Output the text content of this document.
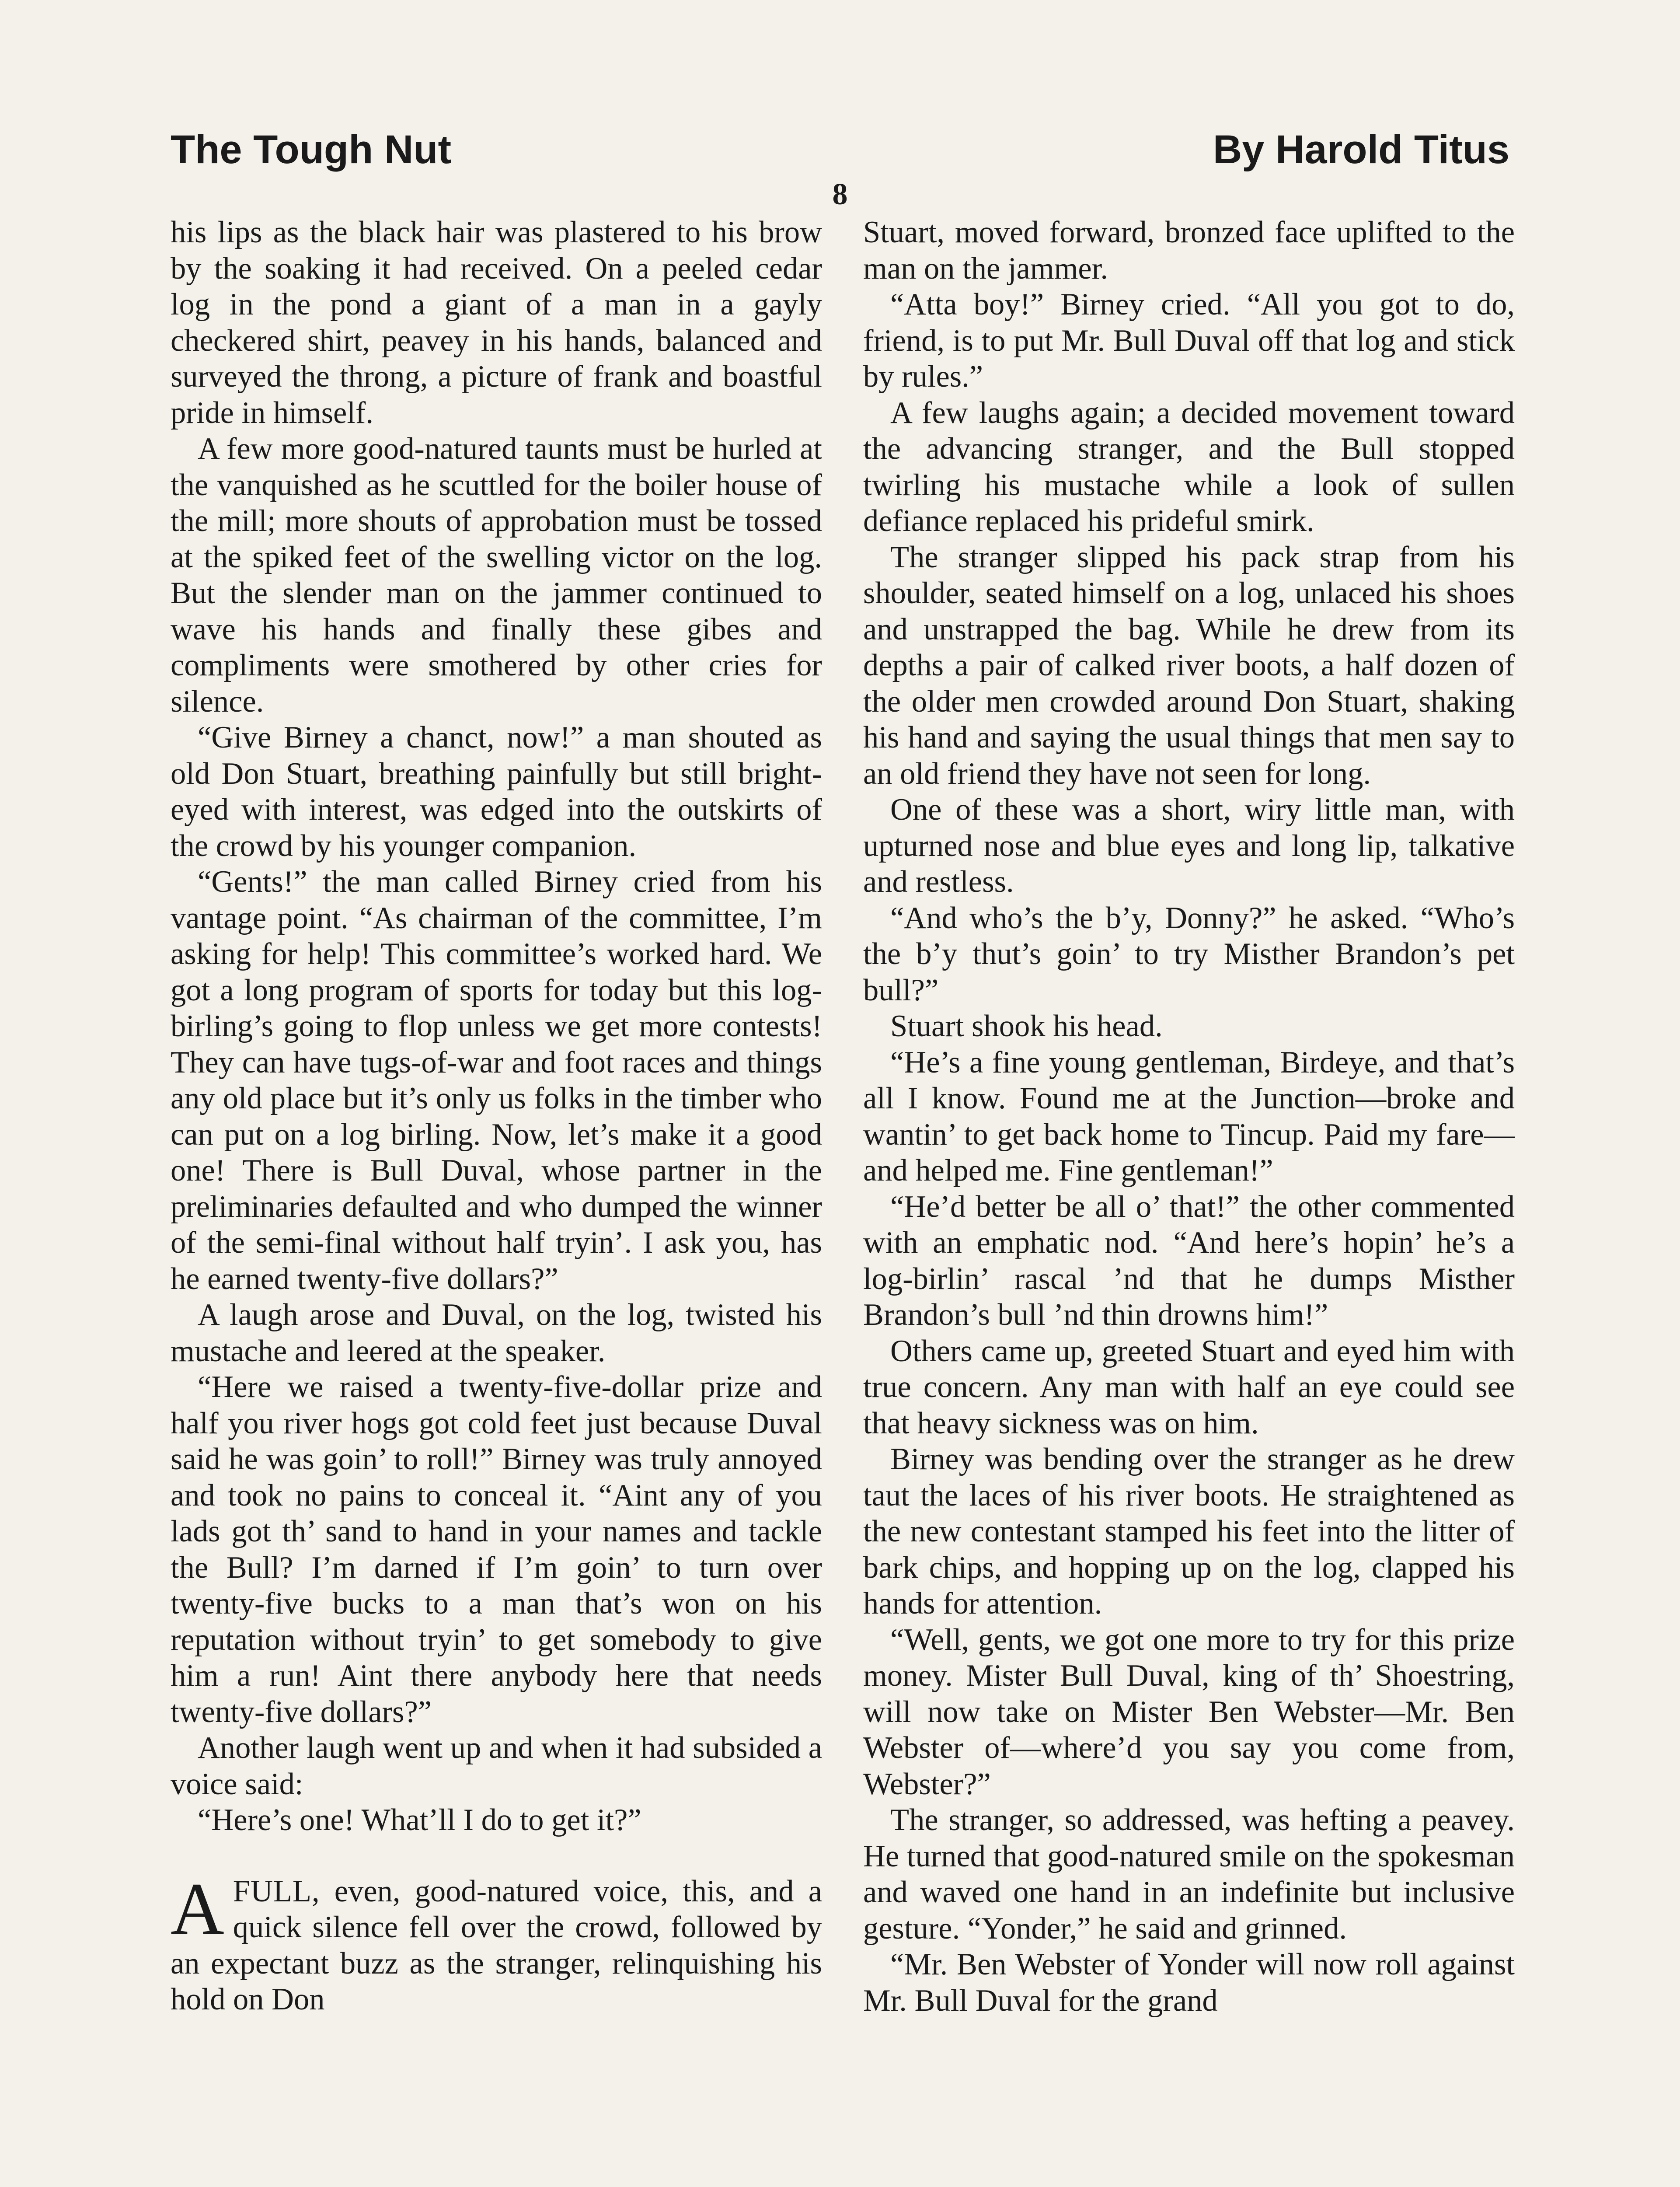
The Tough Nut	By Harold Titus
8

his lips as the black hair was plastered to his brow by the soaking it had received. On a peeled cedar log in the pond a giant of a man in a gayly checkered shirt, peavey in his hands, balanced and surveyed the throng, a picture of frank and boastful pride in himself.

A few more good-natured taunts must be hurled at the vanquished as he scuttled for the boiler house of the mill; more shouts of approbation must be tossed at the spiked feet of the swelling victor on the log. But the slender man on the jammer continued to wave his hands and finally these gibes and compliments were smothered by other cries for silence.

“Give Birney a chanct, now!” a man shouted as old Don Stuart, breathing painfully but still bright-eyed with interest, was edged into the outskirts of the crowd by his younger companion.

“Gents!” the man called Birney cried from his vantage point. “As chairman of the committee, I’m asking for help! This committee’s worked hard. We got a long program of sports for today but this log-birling’s going to flop unless we get more contests! They can have tugs-of-war and foot races and things any old place but it’s only us folks in the timber who can put on a log birling. Now, let’s make it a good one! There is Bull Duval, whose partner in the preliminaries defaulted and who dumped the winner of the semi-final without half tryin’. I ask you, has he earned twenty-five dollars?”

A laugh arose and Duval, on the log, twisted his mustache and leered at the speaker.

“Here we raised a twenty-five-dollar prize and half you river hogs got cold feet just because Duval said he was goin’ to roll!” Birney was truly annoyed and took no pains to conceal it. “Aint any of you lads got th’ sand to hand in your names and tackle the Bull? I’m darned if I’m goin’ to turn over twenty-five bucks to a man that’s won on his reputation without tryin’ to get somebody to give him a run! Aint there anybody here that needs twenty-five dollars?”

Another laugh went up and when it had subsided a voice said:

“Here’s one! What’ll I do to get it?”

AFULL, even, good-natured voice, this, and a quick silence fell over the crowd, followed by an expectant buzz as the stranger, relinquishing his hold on Don

Stuart, moved forward, bronzed face uplifted to the man on the jammer.

“Atta boy!” Birney cried. “All you got to do, friend, is to put Mr. Bull Duval off that log and stick by rules.”

A few laughs again; a decided movement toward the advancing stranger, and the Bull stopped twirling his mustache while a look of sullen defiance replaced his prideful smirk.

The stranger slipped his pack strap from his shoulder, seated himself on a log, unlaced his shoes and unstrapped the bag. While he drew from its depths a pair of calked river boots, a half dozen of the older men crowded around Don Stuart, shaking his hand and saying the usual things that men say to an old friend they have not seen for long.

One of these was a short, wiry little man, with upturned nose and blue eyes and long lip, talkative and restless.

“And who’s the b’y, Donny?” he asked. “Who’s the b’y thut’s goin’ to try Misther Brandon’s pet bull?”

Stuart shook his head.

“He’s a fine young gentleman, Birdeye, and that’s all I know. Found me at the Junction—broke and wantin’ to get back home to Tincup. Paid my fare—and helped me. Fine gentleman!”

“He’d better be all o’ that!” the other commented with an emphatic nod. “And here’s hopin’ he’s a log-birlin’ rascal ’nd that he dumps Misther Brandon’s bull ’nd thin drowns him!”

Others came up, greeted Stuart and eyed him with true concern. Any man with half an eye could see that heavy sickness was on him.

Birney was bending over the stranger as he drew taut the laces of his river boots. He straightened as the new contestant stamped his feet into the litter of bark chips, and hopping up on the log, clapped his hands for attention.

“Well, gents, we got one more to try for this prize money. Mister Bull Duval, king of th’ Shoestring, will now take on Mister Ben Webster—Mr. Ben Webster of—where’d you say you come from, Webster?”

The stranger, so addressed, was hefting a peavey. He turned that good-natured smile on the spokesman and waved one hand in an indefinite but inclusive gesture. “Yonder,” he said and grinned.

“Mr. Ben Webster of Yonder will now roll against Mr. Bull Duval for the grand
